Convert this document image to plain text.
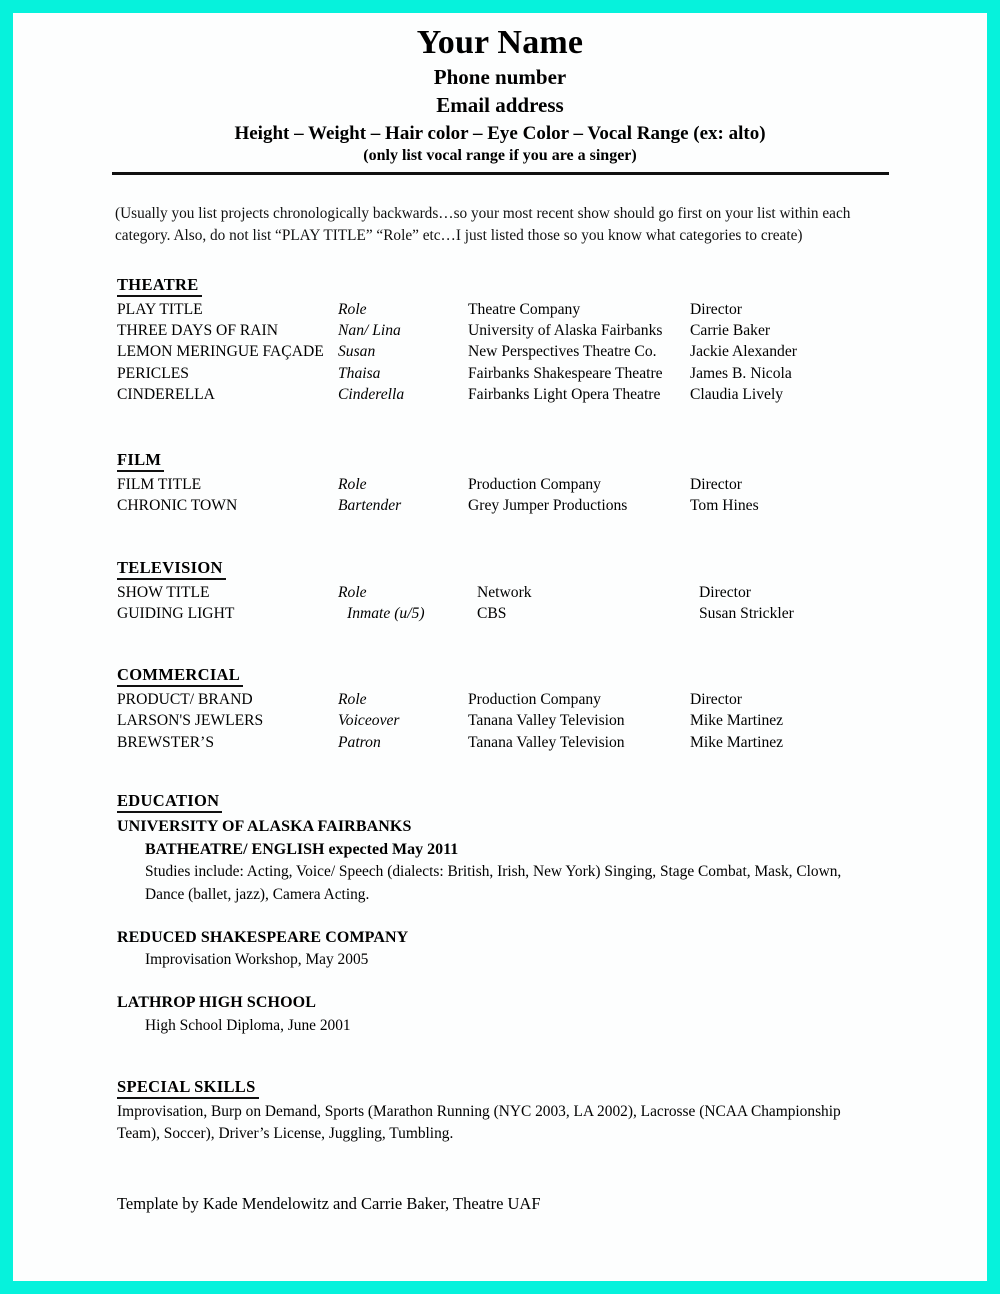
Your Name
Phone number
Email address
Height – Weight – Hair color – Eye Color – Vocal Range (ex: alto)
(only list vocal range if you are a singer)
(Usually you list projects chronologically backwards…so your most recent show should go first on your list within each category. Also, do not list “PLAY TITLE” “Role” etc…I just listed those so you know what categories to create)
THEATRE
PLAY TITLE	Role	Theatre Company	Director
THREE DAYS OF RAIN	Nan/ Lina	University of Alaska Fairbanks	Carrie Baker
LEMON MERINGUE FAÇADE	Susan	New Perspectives Theatre Co.	Jackie Alexander
PERICLES	Thaisa	Fairbanks Shakespeare Theatre	James B. Nicola
CINDERELLA	Cinderella	Fairbanks Light Opera Theatre	Claudia Lively
FILM
FILM TITLE	Role	Production Company	Director
CHRONIC TOWN	Bartender	Grey Jumper Productions	Tom Hines
TELEVISION
SHOW TITLE	Role	Network	Director
GUIDING LIGHT	Inmate (u/5)	CBS	Susan Strickler
COMMERCIAL
PRODUCT/ BRAND	Role	Production Company	Director
LARSON'S JEWLERS	Voiceover	Tanana Valley Television	Mike Martinez
BREWSTER’S	Patron	Tanana Valley Television	Mike Martinez
EDUCATION
UNIVERSITY OF ALASKA FAIRBANKS
BATHEATRE/ ENGLISH expected May 2011
Studies include: Acting, Voice/ Speech (dialects: British, Irish, New York) Singing, Stage Combat, Mask, Clown, Dance (ballet, jazz), Camera Acting.
REDUCED SHAKESPEARE COMPANY
Improvisation Workshop, May 2005
LATHROP HIGH SCHOOL
High School Diploma, June 2001
SPECIAL SKILLS
Improvisation, Burp on Demand, Sports (Marathon Running (NYC 2003, LA 2002), Lacrosse (NCAA Championship Team), Soccer), Driver’s License, Juggling, Tumbling.
Template by Kade Mendelowitz and Carrie Baker, Theatre UAF
